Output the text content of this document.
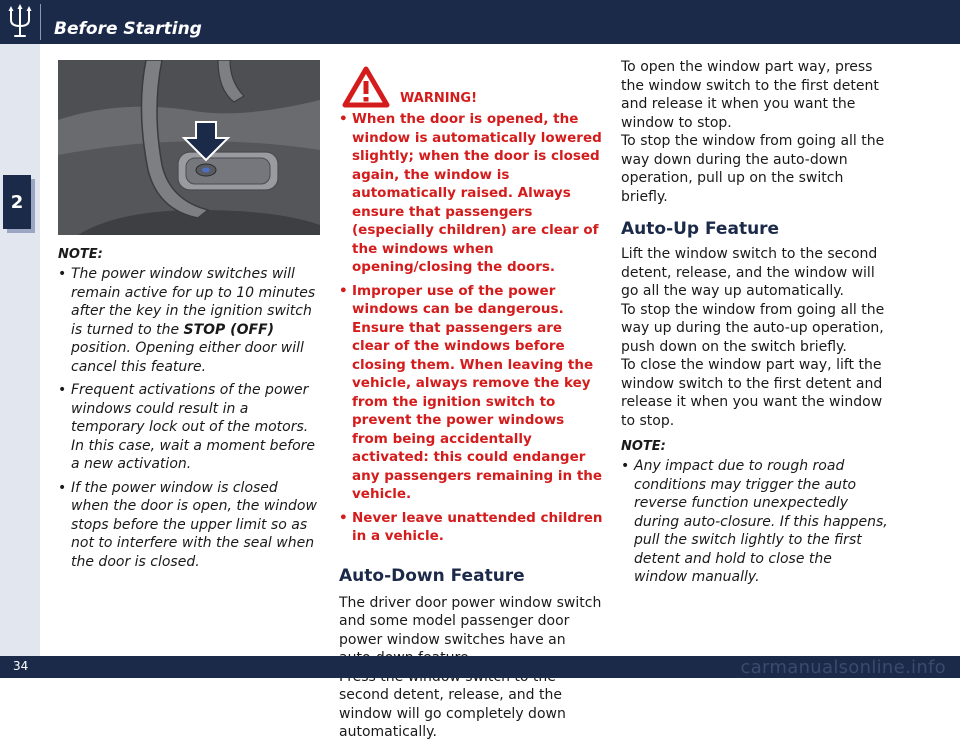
Before Starting
2
NOTE:
• The power window switches will remain active for up to 10 minutes after the key in the ignition switch is turned to the STOP (OFF) position. Opening either door will cancel this feature.
• Frequent activations of the power windows could result in a temporary lock out of the motors. In this case, wait a moment before a new activation.
• If the power window is closed when the door is open, the window stops before the upper limit so as not to interfere with the seal when the door is closed.
WARNING!
• When the door is opened, the window is automatically lowered slightly; when the door is closed again, the window is automatically raised. Always ensure that passengers (especially children) are clear of the windows when opening/closing the doors.
• Improper use of the power windows can be dangerous. Ensure that passengers are clear of the windows before closing them. When leaving the vehicle, always remove the key from the ignition switch to prevent the power windows from being accidentally activated: this could endanger any passengers remaining in the vehicle.
• Never leave unattended children in a vehicle.
Auto-Down Feature

The driver door power window switch and some model passenger door power window switches have an

second detent, release, and the window will go completely down automatically.

To open the window part way, press the window switch to the first detent and release it when you want the window to stop.

To stop the window from going all the way down during the auto-down operation, pull up on the switch briefly.

Auto-Up Feature

Lift the window switch to the second detent, release, and the window will go all the way up automatically.

To stop the window from going all the way up during the auto-up operation, push down on the switch briefly.

To close the window part way, lift the window switch to the first detent and release it when you want the window to stop.

NOTE:
• Any impact due to rough road conditions may trigger the auto reverse function unexpectedly during auto-closure. If this happens, pull the switch lightly to the first detent and hold to close the window manually.
34	carmanualsonline.info
